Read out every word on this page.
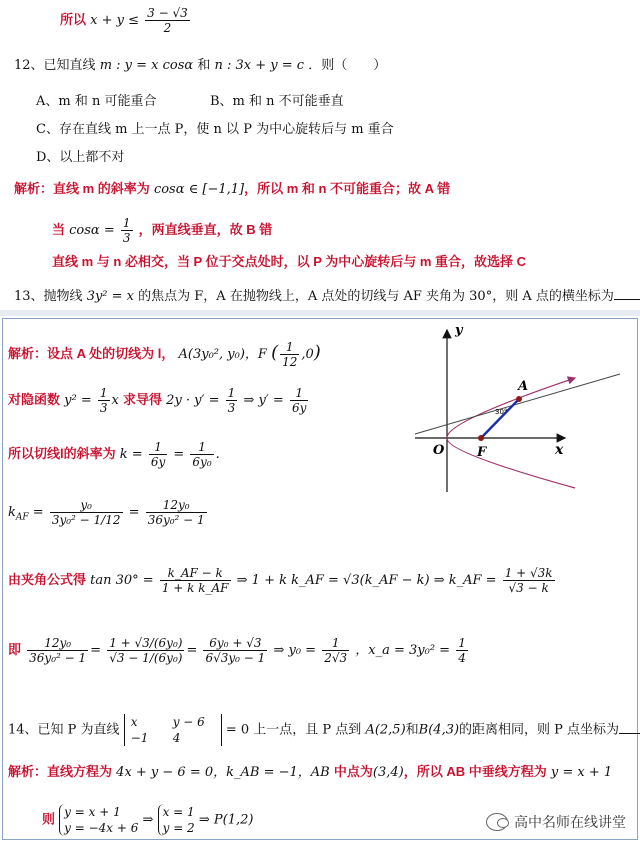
所以 $x + y \le \frac{3 - √3}{2}$
12、已知直线 m : y = x cosα 和 n : 3x + y = c ．则（　　）
A、m 和 n 可能重合	B、m 和 n 不可能垂直
C、存在直线 m 上一点 P，使 n 以 P 为中心旋转后与 m 重合
D、以上都不对
解析：直线 m 的斜率为 cosα ∈ [−1,1]，所以 m 和 n 不可能重合；故 A 错
当 $\cos\alpha = \frac{1}{3}$ ，两直线垂直，故 B 错
直线 m 与 n 必相交，当 P 位于交点处时，以 P 为中心旋转后与 m 重合，故选择 C
13、抛物线 3y² = x 的焦点为 F，A 在抛物线上，A 点处的切线与 AF 夹角为 30°，则 A 点的横坐标为
解析：设点 A 处的切线为 l， A(3y₀², y₀)，F ( $\frac{1}{12} ,0$)
对隐函数 $y^2 = \frac{1}{3}$ x 求导得 $2y \cdot y' = \frac{1}{3}$ ⇒ $y' = \frac{1}{6y}$
所以切线l的斜率为 $k = \frac{1}{6y} = \frac{1}{\text{6y₀}}$ .
$k_{AF} = \frac{\text{y₀}}{\text{3y₀² − 1/12}} = \frac{\text{12y₀}}{\text{36y₀² − 1}}$
由夹角公式得 $\tan 30^\circ = \frac{k\_AF - k}{\text{1 + k k\_AF}}$ ⇒ 1 + k k_AF = √3(k_AF − k) ⇒ k_AF = $\frac{1 + √3k}{√3 - k}$
即 $\frac{\text{12y₀}}{\text{36y₀² − 1}} = \frac{\text{1 + √3/(6y₀)}}{\text{√3 − 1/(6y₀)}} = \frac{\text{6y₀ + √3}}{\text{6√3y₀ − 1}}$ ⇒ $y_0 = \frac{1}{2√3}$ ，x_a = $3y_0^2 = \frac{1}{4}$
y
x
O	F
A
30°
14、已知 P 为直线 x	y − 6
−1 4 = 0 上一点，且 P 点到 A(2,5)和B(4,3)的距离相同，则 P 点坐标为
解析：直线方程为 4x + y − 6 = 0，k_AB = −1，AB 中点为(3,4)，所以 AB 中垂线方程为 y = x + 1
则 y = x + 1
y = −4x + 6 ⇒ x = 1
y = 2 ⇒ P(1,2)	高中名师在线讲堂
